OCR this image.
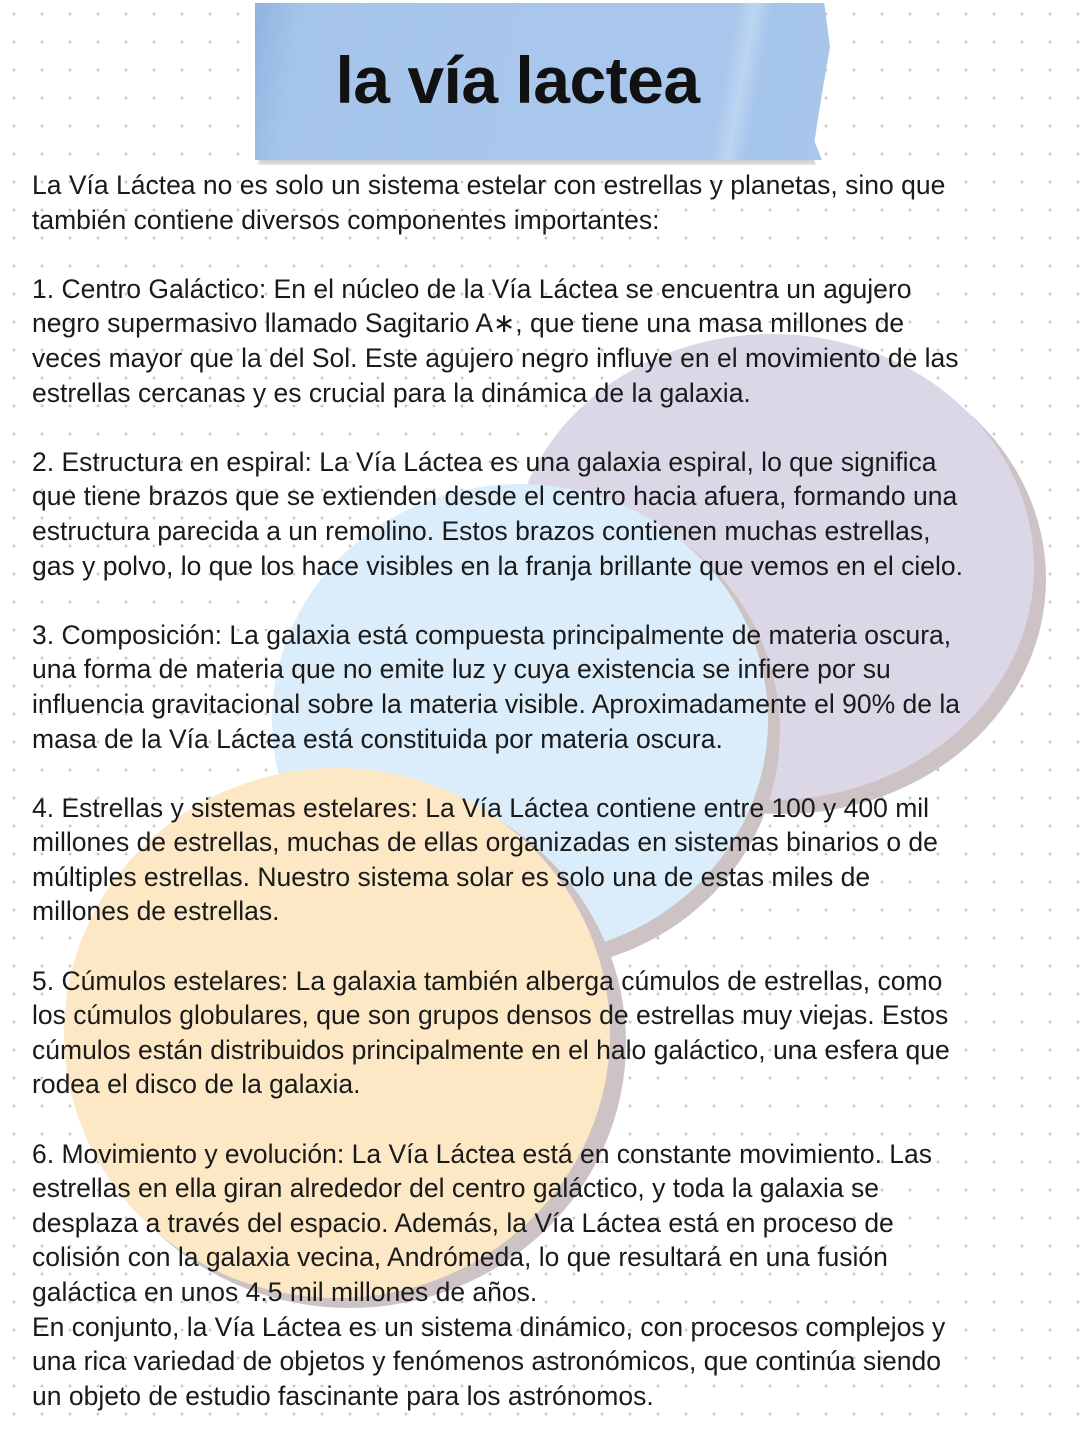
la vía lactea

La Vía Láctea no es solo un sistema estelar con estrellas y planetas, sino que
también contiene diversos componentes importantes:

1. Centro Galáctico: En el núcleo de la Vía Láctea se encuentra un agujero
negro supermasivo llamado Sagitario A∗, que tiene una masa millones de
veces mayor que la del Sol. Este agujero negro influye en el movimiento de las
estrellas cercanas y es crucial para la dinámica de la galaxia.

2. Estructura en espiral: La Vía Láctea es una galaxia espiral, lo que significa
que tiene brazos que se extienden desde el centro hacia afuera, formando una
estructura parecida a un remolino. Estos brazos contienen muchas estrellas,
gas y polvo, lo que los hace visibles en la franja brillante que vemos en el cielo.

3. Composición: La galaxia está compuesta principalmente de materia oscura,
una forma de materia que no emite luz y cuya existencia se infiere por su
influencia gravitacional sobre la materia visible. Aproximadamente el 90% de la
masa de la Vía Láctea está constituida por materia oscura.

4. Estrellas y sistemas estelares: La Vía Láctea contiene entre 100 y 400 mil
millones de estrellas, muchas de ellas organizadas en sistemas binarios o de
múltiples estrellas. Nuestro sistema solar es solo una de estas miles de
millones de estrellas.

5. Cúmulos estelares: La galaxia también alberga cúmulos de estrellas, como
los cúmulos globulares, que son grupos densos de estrellas muy viejas. Estos
cúmulos están distribuidos principalmente en el halo galáctico, una esfera que
rodea el disco de la galaxia.

6. Movimiento y evolución: La Vía Láctea está en constante movimiento. Las
estrellas en ella giran alrededor del centro galáctico, y toda la galaxia se
desplaza a través del espacio. Además, la Vía Láctea está en proceso de
colisión con la galaxia vecina, Andrómeda, lo que resultará en una fusión
galáctica en unos 4.5 mil millones de años.

En conjunto, la Vía Láctea es un sistema dinámico, con procesos complejos y
una rica variedad de objetos y fenómenos astronómicos, que continúa siendo
un objeto de estudio fascinante para los astrónomos.
